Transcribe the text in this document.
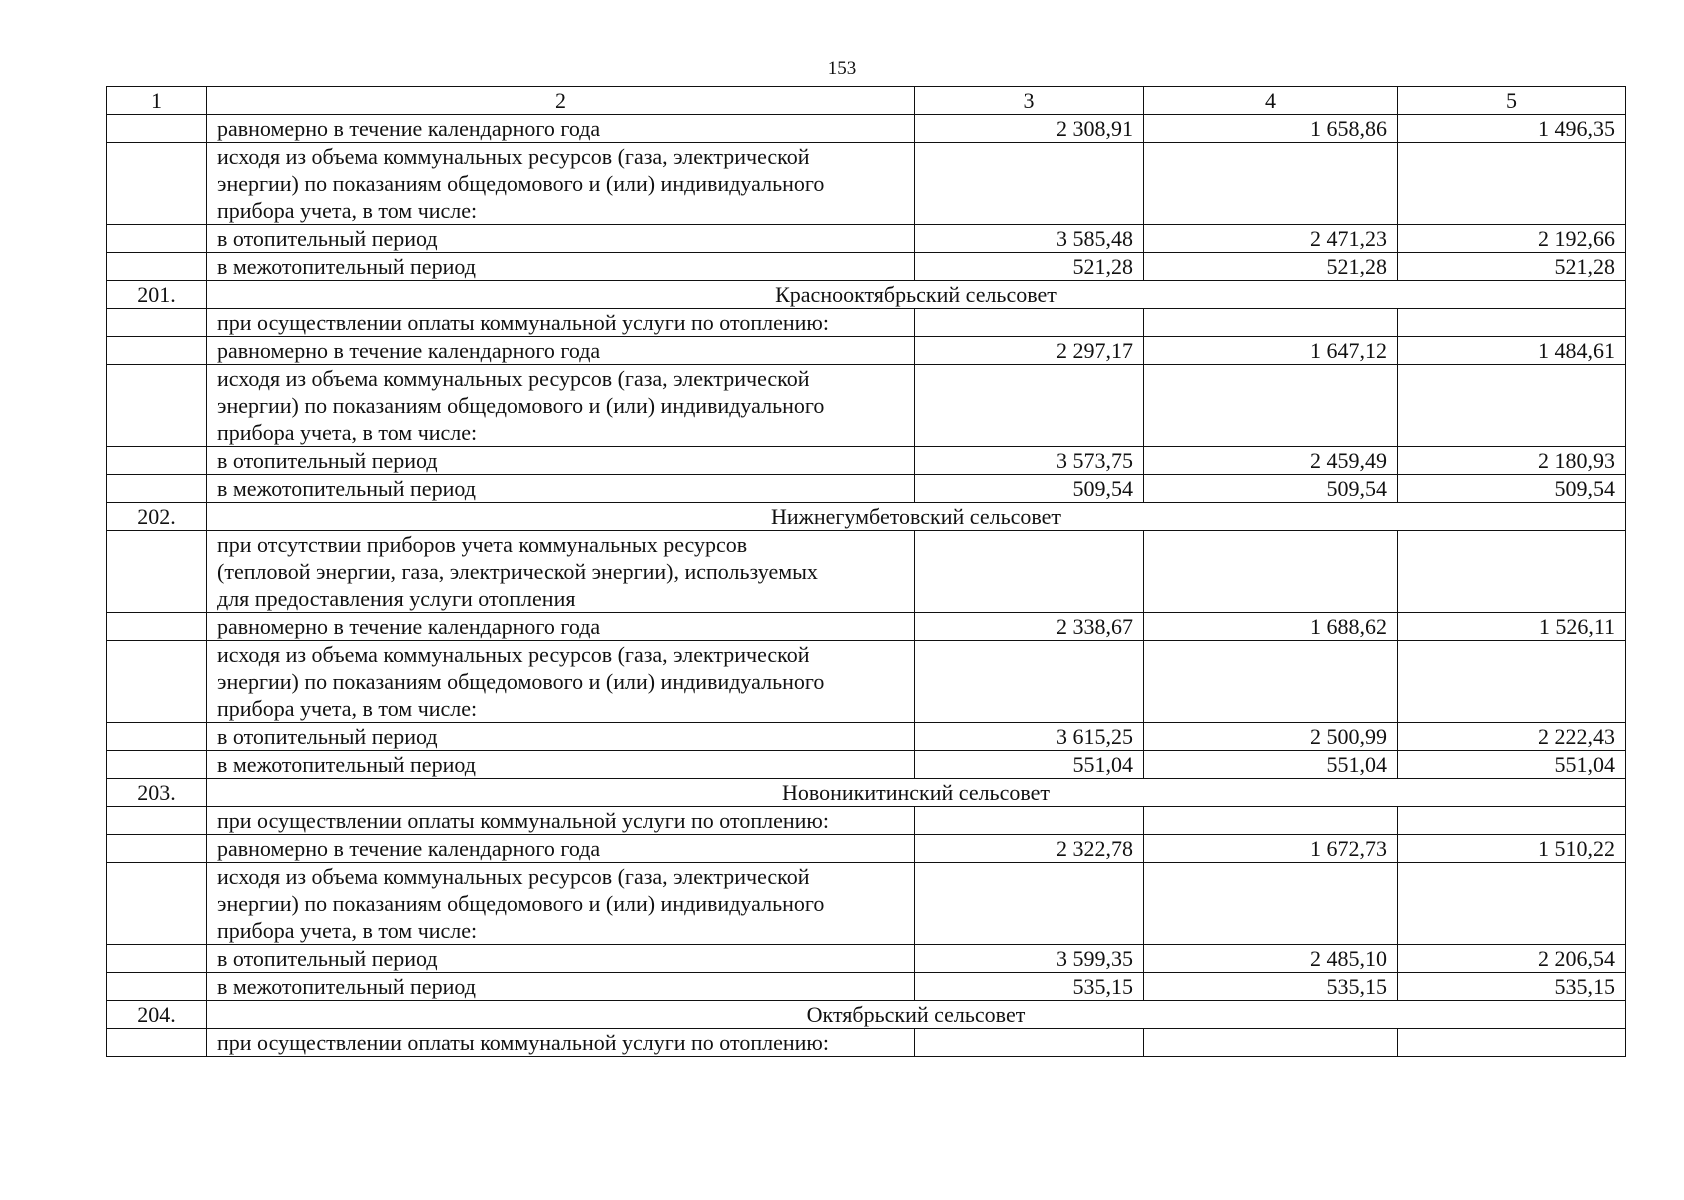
153
1	2	3	4	5
	равномерно в течение календарного года	2 308,91	1 658,86	1 496,35

	исходя из объема коммунальных ресурсов (газа, электрической
энергии) по показаниям общедомового и (или) индивидуального
прибора учета, в том числе:			

	в отопительный период	3 585,48	2 471,23	2 192,66
	в межотопительный период	521,28	521,28	521,28
201.	Краснооктябрьский сельсовет			

	при осуществлении оплаты коммунальной услуги по отоплению:			

	равномерно в течение календарного года	2 297,17	1 647,12	1 484,61

	исходя из объема коммунальных ресурсов (газа, электрической
энергии) по показаниям общедомового и (или) индивидуального
прибора учета, в том числе:			

	в отопительный период	3 573,75	2 459,49	2 180,93
	в межотопительный период	509,54	509,54	509,54
202.	Нижнегумбетовский сельсовет			

	при отсутствии приборов учета коммунальных ресурсов
(тепловой энергии, газа, электрической энергии), используемых
для предоставления услуги отопления			

	равномерно в течение календарного года	2 338,67	1 688,62	1 526,11

	исходя из объема коммунальных ресурсов (газа, электрической
энергии) по показаниям общедомового и (или) индивидуального
прибора учета, в том числе:			

	в отопительный период	3 615,25	2 500,99	2 222,43
	в межотопительный период	551,04	551,04	551,04
203.	Новоникитинский сельсовет			

	при осуществлении оплаты коммунальной услуги по отоплению:			

	равномерно в течение календарного года	2 322,78	1 672,73	1 510,22

	исходя из объема коммунальных ресурсов (газа, электрической
энергии) по показаниям общедомового и (или) индивидуального
прибора учета, в том числе:			

	в отопительный период	3 599,35	2 485,10	2 206,54
	в межотопительный период	535,15	535,15	535,15
204.	Октябрьский сельсовет			

	при осуществлении оплаты коммунальной услуги по отоплению:			
